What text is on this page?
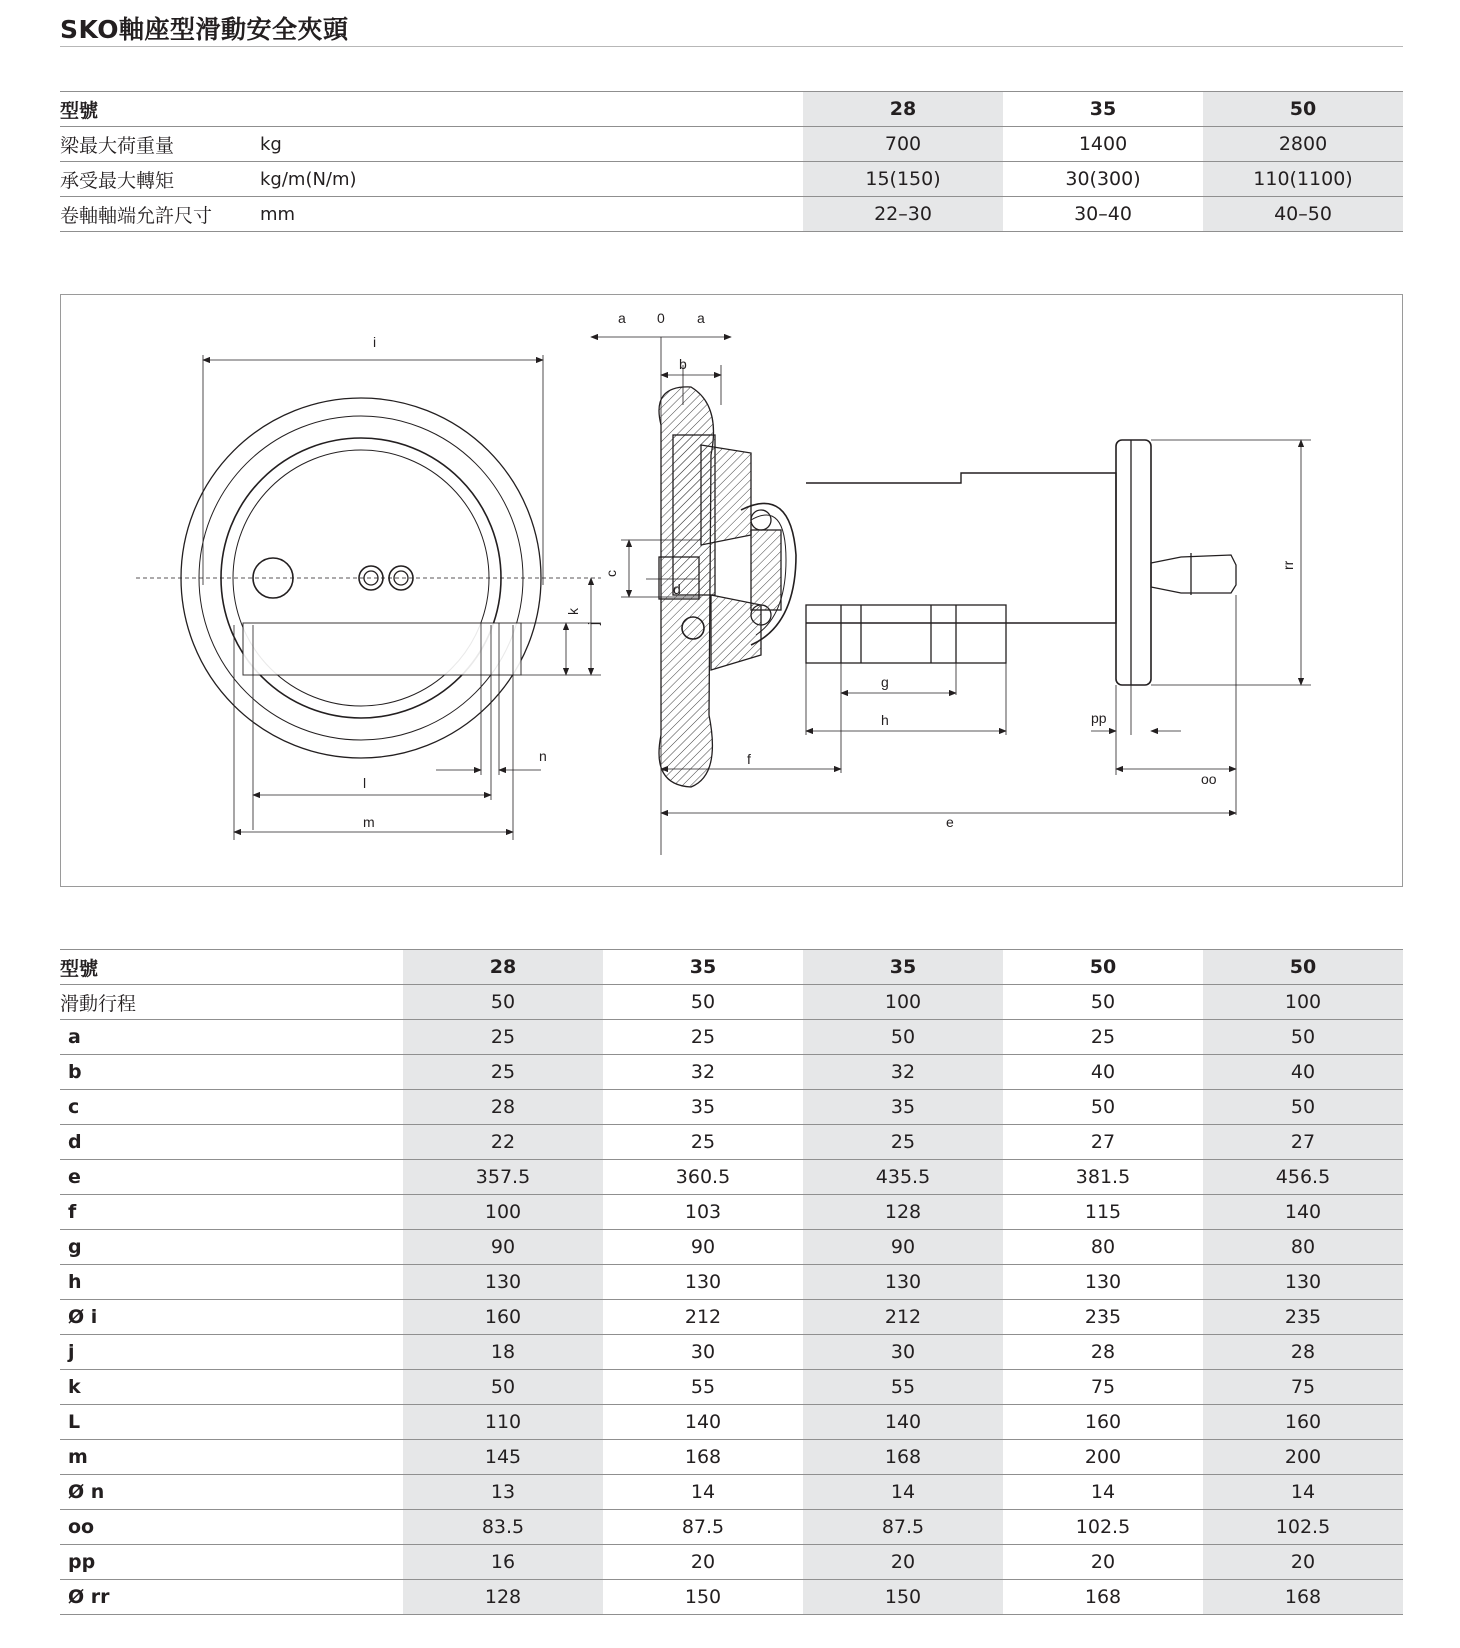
SKO軸座型滑動安全夾頭
型號		28	35	50
梁最大荷重量	kg	700	1400	2800
承受最大轉矩	kg/m(N/m)	15(150)	30(300)	110(1100)
卷軸軸端允許尺寸	mm	22–30	30–40	40–50
i
j
k
n
l
m
a 0 a
b
c
d
g
h
f
pp
oo
e
rr
型號	28	35	35	50	50
滑動行程	50	50	100	50	100
a	25	25	50	25	50
b	25	32	32	40	40
c	28	35	35	50	50
d	22	25	25	27	27
e	357.5	360.5	435.5	381.5	456.5
f	100	103	128	115	140
g	90	90	90	80	80
h	130	130	130	130	130
Ø i	160	212	212	235	235
j	18	30	30	28	28
k	50	55	55	75	75
L	110	140	140	160	160
m	145	168	168	200	200
Ø n	13	14	14	14	14
oo	83.5	87.5	87.5	102.5	102.5
pp	16	20	20	20	20
Ø rr	128	150	150	168	168
